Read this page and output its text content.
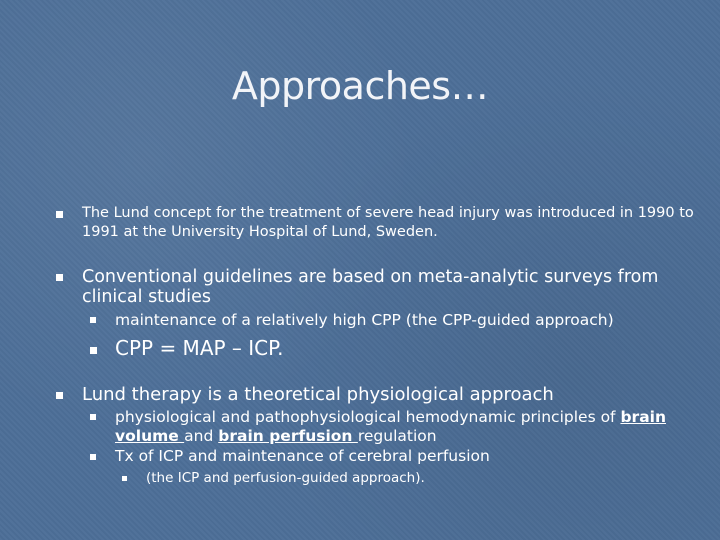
Approaches…
The Lund concept for the treatment of severe head injury was introduced in 1990 to 1991 at the University Hospital of Lund, Sweden.
Conventional guidelines are based on meta-analytic surveys from clinical studies
maintenance of a relatively high CPP (the CPP-guided approach)
CPP = MAP – ICP.
Lund therapy is a theoretical physiological approach
physiological and pathophysiological hemodynamic principles of brain volume and brain perfusion regulation
Tx of ICP and maintenance of cerebral perfusion
(the ICP and perfusion-guided approach).
